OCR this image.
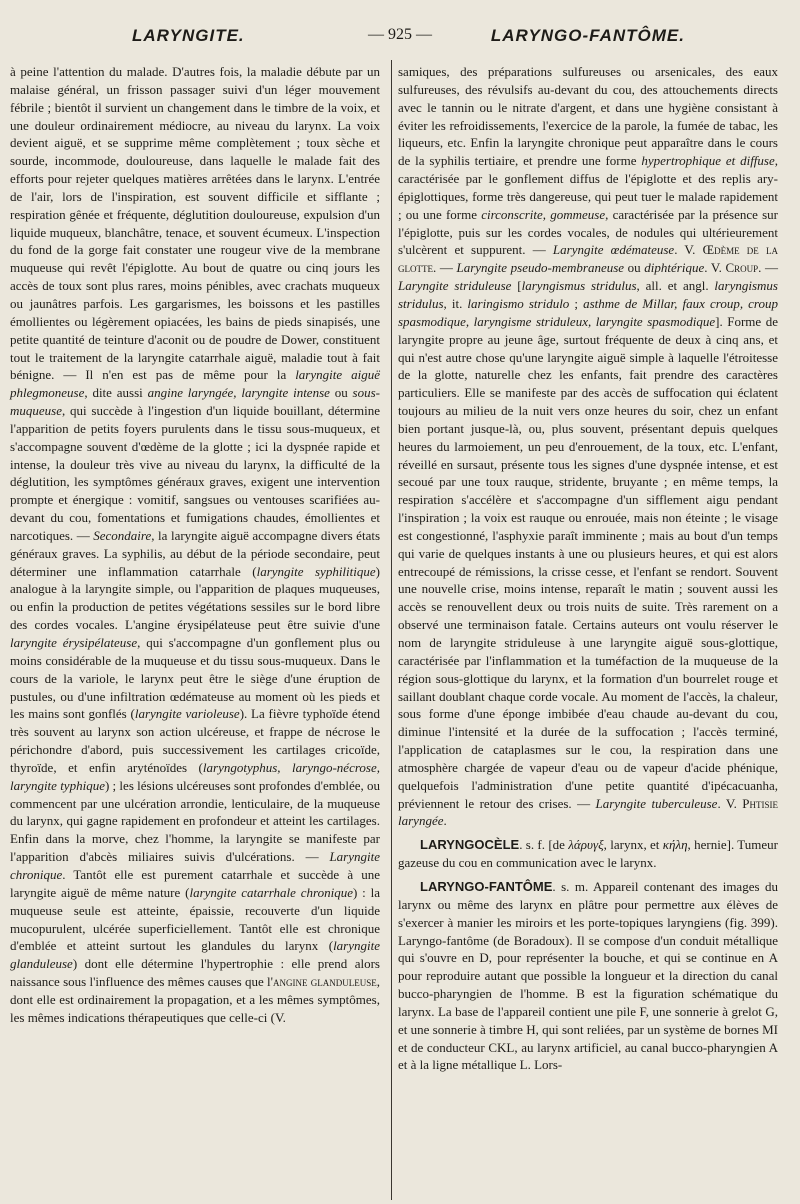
LARYNGITE.	— 925 —	LARYNGO-FANTÔME.

à peine l'attention du malade. D'autres fois, la maladie débute par un malaise général, un frisson passager suivi d'un léger mouvement fébrile ; bientôt il survient un changement dans le timbre de la voix, et une douleur ordinairement médiocre, au niveau du larynx. La voix devient aiguë, et se supprime même complètement ; toux sèche et sourde, incommode, douloureuse, dans laquelle le malade fait des efforts pour rejeter quelques matières arrêtées dans le larynx. L'entrée de l'air, lors de l'inspiration, est souvent difficile et sifflante ; respiration gênée et fréquente, déglutition douloureuse, expulsion d'un liquide muqueux, blanchâtre, tenace, et souvent écumeux. L'inspection du fond de la gorge fait constater une rougeur vive de la membrane muqueuse qui revêt l'épiglotte. Au bout de quatre ou cinq jours les accès de toux sont plus rares, moins pénibles, avec crachats muqueux ou jaunâtres parfois. Les gargarismes, les boissons et les pastilles émollientes ou légèrement opiacées, les bains de pieds sinapisés, une petite quantité de teinture d'aconit ou de poudre de Dower, constituent tout le traitement de la laryngite catarrhale aiguë, maladie tout à fait bénigne. — Il n'en est pas de même pour la laryngite aiguë phlegmoneuse, dite aussi angine laryngée, laryngite intense ou sous-muqueuse, qui succède à l'ingestion d'un liquide bouillant, détermine l'apparition de petits foyers purulents dans le tissu sous-muqueux, et s'accompagne souvent d'œdème de la glotte ; ici la dyspnée rapide et intense, la douleur très vive au niveau du larynx, la difficulté de la déglutition, les symptômes généraux graves, exigent une intervention prompte et énergique : vomitif, sangsues ou ventouses scarifiées au-devant du cou, fomentations et fumigations chaudes, émollientes et narcotiques. — Secondaire, la laryngite aiguë accompagne divers états généraux graves. La syphilis, au début de la période secondaire, peut déterminer une inflammation catarrhale (laryngite syphilitique) analogue à la laryngite simple, ou l'apparition de plaques muqueuses, ou enfin la production de petites végétations sessiles sur le bord libre des cordes vocales. L'angine érysipélateuse peut être suivie d'une laryngite érysipélateuse, qui s'accompagne d'un gonflement plus ou moins considérable de la muqueuse et du tissu sous-muqueux. Dans le cours de la variole, le larynx peut être le siège d'une éruption de pustules, ou d'une infiltration œdémateuse au moment où les pieds et les mains sont gonflés (laryngite varioleuse). La fièvre typhoïde étend très souvent au larynx son action ulcéreuse, et frappe de nécrose le périchondre d'abord, puis successivement les cartilages cricoïde, thyroïde, et enfin aryténoïdes (laryngotyphus, laryngo-nécrose, laryngite typhique) ; les lésions ulcéreuses sont profondes d'emblée, ou commencent par une ulcération arrondie, lenticulaire, de la muqueuse du larynx, qui gagne rapidement en profondeur et atteint les cartilages. Enfin dans la morve, chez l'homme, la laryngite se manifeste par l'apparition d'abcès miliaires suivis d'ulcérations. — Laryngite chronique. Tantôt elle est purement catarrhale et succède à une laryngite aiguë de même nature (laryngite catarrhale chronique) : la muqueuse seule est atteinte, épaissie, recouverte d'un liquide mucopurulent, ulcérée superficiellement. Tantôt elle est chronique d'emblée et atteint surtout les glandules du larynx (laryngite glanduleuse) dont elle détermine l'hypertrophie : elle prend alors naissance sous l'influence des mêmes causes que l'angine glanduleuse, dont elle est ordinairement la propagation, et a les mêmes symptômes, les mêmes indications thérapeutiques que celle-ci (V.

samiques, des préparations sulfureuses ou arsenicales, des eaux sulfureuses, des révulsifs au-devant du cou, des attouchements directs avec le tannin ou le nitrate d'argent, et dans une hygiène consistant à éviter les refroidissements, l'exercice de la parole, la fumée de tabac, les liqueurs, etc. Enfin la laryngite chronique peut apparaître dans le cours de la syphilis tertiaire, et prendre une forme hypertrophique et diffuse, caractérisée par le gonflement diffus de l'épiglotte et des replis ary-épiglottiques, forme très dangereuse, qui peut tuer le malade rapidement ; ou une forme circonscrite, gommeuse, caractérisée par la présence sur l'épiglotte, puis sur les cordes vocales, de nodules qui ultérieurement s'ulcèrent et suppurent. — Laryngite œdémateuse. V. Œdème de la glotte. — Laryngite pseudo-membraneuse ou diphtérique. V. Croup. — Laryngite striduleuse [laryngismus stridulus, all. et angl. laryngismus stridulus, it. laringismo stridulo ; asthme de Millar, faux croup, croup spasmodique, laryngisme striduleux, laryngite spasmodique]. Forme de laryngite propre au jeune âge, surtout fréquente de deux à cinq ans, et qui n'est autre chose qu'une laryngite aiguë simple à laquelle l'étroitesse de la glotte, naturelle chez les enfants, fait prendre des caractères particuliers. Elle se manifeste par des accès de suffocation qui éclatent toujours au milieu de la nuit vers onze heures du soir, chez un enfant bien portant jusque-là, ou, plus souvent, présentant depuis quelques heures du larmoiement, un peu d'enrouement, de la toux, etc. L'enfant, réveillé en sursaut, présente tous les signes d'une dyspnée intense, et est secoué par une toux rauque, stridente, bruyante ; en même temps, la respiration s'accélère et s'accompagne d'un sifflement aigu pendant l'inspiration ; la voix est rauque ou enrouée, mais non éteinte ; le visage est congestionné, l'asphyxie paraît imminente ; mais au bout d'un temps qui varie de quelques instants à une ou plusieurs heures, et qui est alors entrecoupé de rémissions, la crisse cesse, et l'enfant se rendort. Souvent une nouvelle crise, moins intense, reparaît le matin ; souvent aussi les accès se renouvellent deux ou trois nuits de suite. Très rarement on a observé une terminaison fatale. Certains auteurs ont voulu réserver le nom de laryngite striduleuse à une laryngite aiguë sous-glottique, caractérisée par l'inflammation et la tuméfaction de la muqueuse de la région sous-glottique du larynx, et la formation d'un bourrelet rouge et saillant doublant chaque corde vocale. Au moment de l'accès, la chaleur, sous forme d'une éponge imbibée d'eau chaude au-devant du cou, diminue l'intensité et la durée de la suffocation ; l'accès terminé, l'application de cataplasmes sur le cou, la respiration dans une atmosphère chargée de vapeur d'eau ou de vapeur d'acide phénique, quelquefois l'administration d'une petite quantité d'ipécacuanha, préviennent le retour des crises. — Laryngite tuberculeuse. V. Phtisie laryngée.

LARYNGOCÈLE. s. f. [de λάρυγξ, larynx, et κήλη, hernie]. Tumeur gazeuse du cou en communication avec le larynx.

LARYNGO-FANTÔME. s. m. Appareil contenant des images du larynx ou même des larynx en plâtre pour permettre aux élèves de s'exercer à manier les miroirs et les porte-topiques laryngiens (fig. 399). Laryngo-fantôme (de Boradoux). Il se compose d'un conduit métallique qui s'ouvre en D, pour représenter la bouche, et qui se continue en A pour reproduire autant que possible la longueur et la direction du canal bucco-pharyngien de l'homme. B est la figuration schématique du larynx. La base de l'appareil contient une pile F, une sonnerie à grelot G, et une sonnerie à timbre H, qui sont reliées, par un système de bornes MI et de conducteur CKL, au larynx artificiel, au canal bucco-pharyngien A et à la ligne métallique L. Lors-
